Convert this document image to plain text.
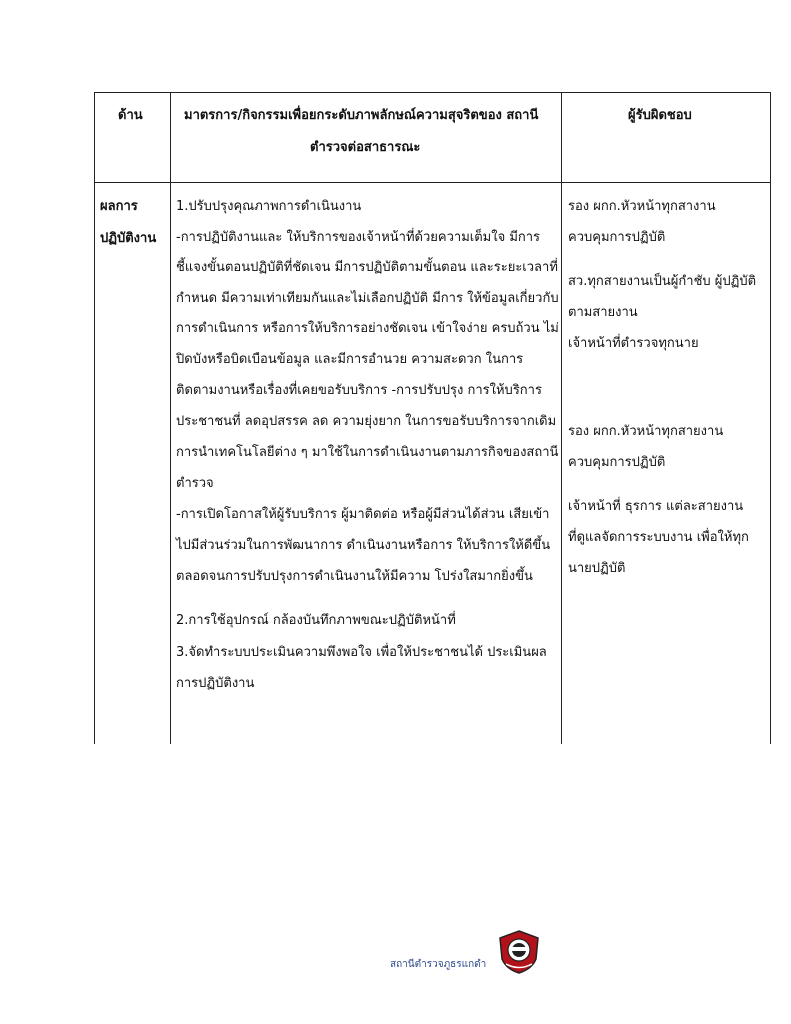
ด้าน	มาตรการ/กิจกรรมเพื่อยกระดับภาพลักษณ์ความสุจริตของ สถานี
ตำรวจต่อสาธารณะ
ผู้รับผิดชอบ
ผลการ
ปฏิบัติงาน
1.ปรับปรุงคุณภาพการดำเนินงาน
-การปฏิบัติงานและ ให้บริการของเจ้าหน้าที่ด้วยความเต็มใจ มีการ
ชี้แจงขั้นตอนปฏิบัติที่ชัดเจน มีการปฏิบัติตามขั้นตอน และระยะเวลาที่
กำหนด มีความเท่าเทียมกันและไม่เลือกปฏิบัติ มีการ ให้ข้อมูลเกี่ยวกับ
การดำเนินการ หรือการให้บริการอย่างชัดเจน เข้าใจง่าย ครบถ้วน ไม่
ปิดบังหรือบิดเบือนข้อมูล และมีการอำนวย ความสะดวก ในการ
ติดตามงานหรือเรื่องที่เคยขอรับบริการ -การปรับปรุง การให้บริการ
ประชาชนที่ ลดอุปสรรค ลด ความยุ่งยาก ในการขอรับบริการจากเดิม
การนำเทคโนโลยีต่าง ๆ มาใช้ในการดำเนินงานตามภารกิจของสถานี
ตำรวจ
-การเปิดโอกาสให้ผู้รับบริการ ผู้มาติดต่อ หรือผู้มีส่วนได้ส่วน เสียเข้า
ไปมีส่วนร่วมในการพัฒนาการ ดำเนินงานหรือการ ให้บริการให้ดีขึ้น
ตลอดจนการปรับปรุงการดำเนินงานให้มีความ โปร่งใสมากยิ่งขึ้น
2.การใช้อุปกรณ์ กล้องบันทึกภาพขณะปฏิบัติหน้าที่
3.จัดทำระบบประเมินความพึงพอใจ เพื่อให้ประชาชนได้ ประเมินผล
การปฏิบัติงาน
รอง ผกก.หัวหน้าทุกสางาน
ควบคุมการปฏิบัติ
สว.ทุกสายงานเป็นผู้กำชับ ผู้ปฏิบัติ
ตามสายงาน
เจ้าหน้าที่ตำรวจทุกนาย
รอง ผกก.หัวหน้าทุกสายงาน
ควบคุมการปฏิบัติ
เจ้าหน้าที่ ธุรการ แต่ละสายงาน
ที่ดูแลจัดการระบบงาน เพื่อให้ทุก
นายปฏิบัติ
สถานีตำรวจภูธรแกดำ
